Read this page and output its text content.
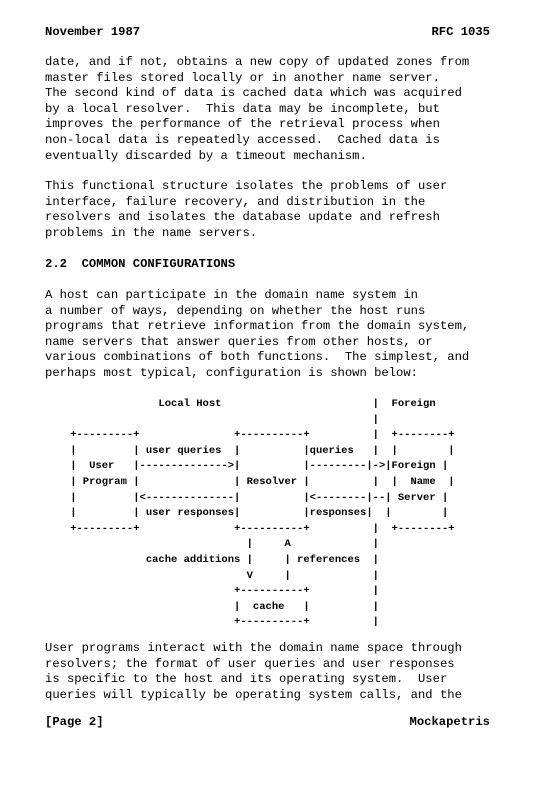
November 1987

	RFC 1035

date, and if not, obtains a new copy of updated zones from
master files stored locally or in another name server.
The second kind of data is cached data which was acquired
by a local resolver.  This data may be incomplete, but
improves the performance of the retrieval process when
non-local data is repeatedly accessed.  Cached data is
eventually discarded by a timeout mechanism.
This functional structure isolates the problems of user
interface, failure recovery, and distribution in the
resolvers and isolates the database update and refresh
problems in the name servers.
2.2  COMMON CONFIGURATIONS
A host can participate in the domain name system in
a number of ways, depending on whether the host runs
programs that retrieve information from the domain system,
name servers that answer queries from other hosts, or
various combinations of both functions.  The simplest, and
perhaps most typical, configuration is shown below:
Local Host                        |  Foreign
|
+---------+               +----------+          |  +--------+
|         | user queries  |          |queries   |  |        |
|  User   |-------------->|          |---------|->|Foreign |
| Program |               | Resolver |          |  |  Name  |
|         |<--------------|          |<--------|--| Server |
|         | user responses|          |responses|  |        |
+---------+               +----------+          |  +--------+
|     A             |
cache additions |     | references  |
V     |             |
+----------+          |
|  cache   |          |
+----------+          |
User programs interact with the domain name space through
resolvers; the format of user queries and user responses
is specific to the host and its operating system.  User
queries will typically be operating system calls, and the

[Page 2]

	Mockapetris
